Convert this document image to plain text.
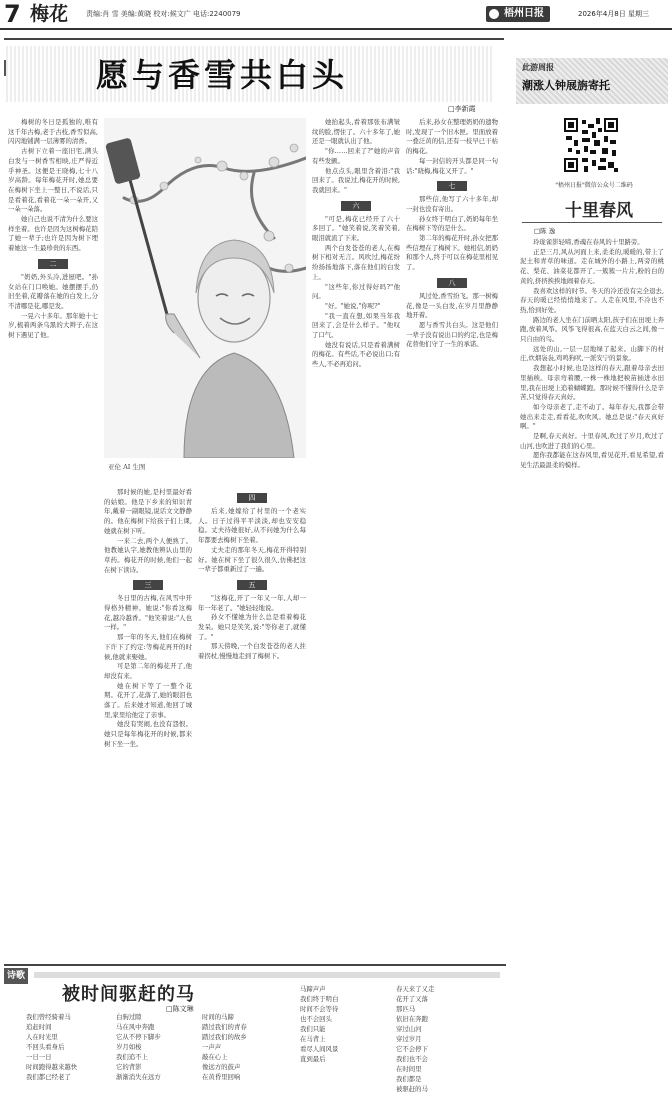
7 梅花	责编:肖 雪 美编:黄晓 校对:候文广 电话:2240079	梧州日报	2026年4月8日 星期三
愿与香雪共白头
□李新霞

梅树的冬日是孤独的,唯有这千年古梅,老于古枝,香雪似高,闪闪地铺满一层薄雾的清香。

古树下立着一座旧宅,满头白发与一树香雪相映,庄严得近乎神圣。这便是王晓梅,七十八岁高龄。每年梅花开时,她总要在梅树下坐上一整日,不说话,只是看着花,看着花一朵一朵开,又一朵一朵落。

她自己也说不清为什么要这样坐着。也许是因为这树梅花陪了她一辈子;也许是因为树下埋着她这一生最珍贵的东西。

二

"奶奶,外头冷,进屋吧。"孙女站在门口唤她。她摆摆手,仍旧坐着,花瓣落在她的白发上,分不清哪是花,哪是发。

一晃六十多年。那年她十七岁,梳着两条乌黑的大辫子,在这树下遇见了他。

她抬起头,看着那张布满皱纹的脸,愣住了。六十多年了,她还是一眼就认出了他。

"你……回来了?"她的声音有些发颤。

他点点头,眼里含着泪:"我回来了。我说过,梅花开的时候,我就回来。"

六

"可是,梅花已经开了六十多回了。"她笑着说,笑着笑着,眼泪就流了下来。

两个白发苍苍的老人,在梅树下相对无言。风吹过,梅花纷纷扬扬地落下,落在他们的白发上。

"这些年,你过得好吗?"他问。

"好。"她说,"你呢?"

"我一直在想,如果当年我回来了,会是什么样子。"他叹了口气。

她没有说话,只是看着满树的梅花。有些话,不必说出口;有些人,不必再追问。

后来,孙女在整理奶奶的遗物时,发现了一个旧木匣。里面放着一叠泛黄的信,还有一枝早已干枯的梅花。

每一封信的开头都是同一句话:"晓梅,梅花又开了。"

七

那些信,他写了六十多年,却一封也没有寄出。

孙女终于明白了,奶奶每年坐在梅树下等的是什么。

第二年的梅花开时,孙女把那些信埋在了梅树下。她相信,奶奶和那个人,终于可以在梅花里相见了。

八

风过处,香雪纷飞。那一树梅花,像是一头白发,在岁月里静静地开着。

愿与香雪共白头。这是他们一辈子没有说出口的约定,也是梅花替他们守了一生的承诺。

亚伦 AI 生图

那时候的她,是村里最好看的姑娘。他是下乡来的知识青年,戴着一副眼镜,说话文文静静的。他在梅树下给孩子们上课,她就在树下听。

一来二去,两个人便熟了。他教她认字,她教他辨认山里的草药。梅花开的时候,他们一起在树下读诗。

三

冬日里的古梅,在风雪中开得格外精神。她说:"你看这梅花,越冷越香。"他笑着说:"人也一样。"

那一年的冬天,他们在梅树下许下了约定:等梅花再开的时候,他就来娶她。

可是第二年的梅花开了,他却没有来。

她在树下等了一整个花期。花开了,花落了,她的眼泪也落了。后来她才知道,他回了城里,家里给他定了亲事。

她没有哭闹,也没有怨恨。她只是每年梅花开的时候,都来树下坐一坐。

四

后来,她嫁给了村里的一个老实人。日子过得平平淡淡,却也安安稳稳。丈夫待她很好,从不问她为什么每年都要去梅树下坐着。

丈夫走的那年冬天,梅花开得特别好。她在树下坐了很久很久,仿佛把这一辈子都重新过了一遍。

五

"这梅花,开了一年又一年,人却一年一年老了。"她轻轻地说。

孙女不懂她为什么总是看着梅花发呆。她只是笑笑,说:"等你老了,就懂了。"

那天傍晚,一个白发苍苍的老人拄着拐杖,慢慢地走到了梅树下。

此游周报
潮涨人钟展旃寄托
"梧州日报"微信公众号二维码
十里春风
□陈 逸

玲珑雀影轻啼,香魂在春风的十里路旁。

正是三月,风从河面上来,柔柔的,暖暖的,带上了泥土和青草的味道。走在城外的小路上,两旁的桃花、梨花、油菜花都开了,一簇簇一片片,粉的白的黄的,挤挤挨挨地闹着春天。

我喜欢这样的时节。冬天的冷还没有完全退去,春天的暖已经悄悄地来了。人走在风里,不冷也不热,恰到好处。

路边的老人坐在门前晒太阳,孩子们在田埂上奔跑,放着风筝。风筝飞得很高,在蓝天白云之间,像一只自由的鸟。

远处的山,一层一层地绿了起来。山脚下的村庄,炊烟袅袅,鸡鸣狗吠,一派安宁的景象。

我想起小时候,也是这样的春天,跟着母亲去田里插秧。母亲弯着腰,一株一株地把秧苗插进水田里,我在田埂上追着蝴蝶跑。那时候不懂得什么是辛苦,只觉得春天真好。

如今母亲老了,走不动了。每年春天,我都会带她出来走走,看看花,吹吹风。她总是说:"春天真好啊。"

是啊,春天真好。十里春风,吹过了岁月,吹过了山河,也吹进了我们的心里。

愿你我都能在这春风里,看见花开,看见希望,看见生活最温柔的模样。

诗歌
被时间驱赶的马
□陈文琳
我们曾经骑着马
追赶时间
人在时光里
不回头看身后
一日一日
时间跑得越来越快
我们都已经老了
白驹过隙
马在风中奔跑
它从不停下脚步
岁月如梭
我们追不上
它的背影
渐渐消失在远方
时间的马蹄
踏过我们的青春
踏过我们的故乡
一声声
敲在心上
像远方的鼓声
在黄昏里回响
马蹄声声
我们终于明白
时间不会等待
也不会回头
我们只能
在马背上
看尽人间风景
直到最后
春天来了又走
花开了又落
那匹马
依旧在奔跑
穿过山河
穿过岁月
它不会停下
我们也不会
在时间里
我们都是
被驱赶的马
